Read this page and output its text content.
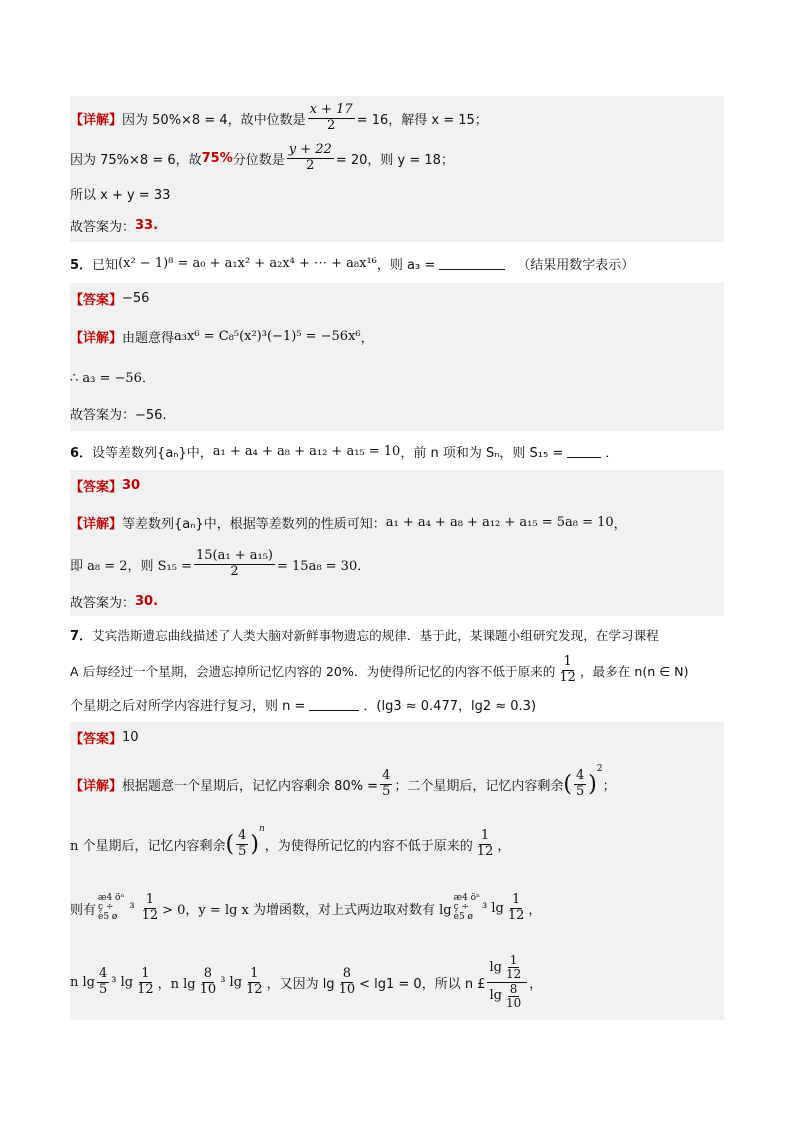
【详解】 因为 50%×8 = 4，故中位数是 $\frac{x + 17}{2} = 16$，解得 x = 15；
因为 75%×8 = 6，故 75% 分位数是 $\frac{y + 22}{2} = 20$，则 y = 18；
所以 x + y = 33
故答案为： 33.
5． 已知 (x² − 1)⁸ = a₀ + a₁x² + a₂x⁴ + ⋯ + a₈x¹⁶ ，则 a₃ =	（结果用数字表示）
【答案】 −56
【详解】 由题意得 a₃x⁶ = C₈⁵(x²)³(−1)⁵ = −56x⁶ ，
∴ a₃ = −56．
故答案为：−56.
6． 设等差数列{aₙ}中， a₁ + a₄ + a₈ + a₁₂ + a₁₅ = 10 ，前 n 项和为 Sₙ，则 S₁₅ =	．
【答案】 30
【详解】 等差数列{aₙ}中，根据等差数列的性质可知： a₁ + a₄ + a₈ + a₁₂ + a₁₅ = 5a₈ = 10 ，
即 a₈ = 2，则 $S_{15} = \frac{\text{15(a₁ + a₁₅)}}{2} = 15a_8 = 30$．
故答案为： 30.
7． 艾宾浩斯遗忘曲线描述了人类大脑对新鲜事物遗忘的规律．基于此，某课题小组研究发现，在学习课程
A 后每经过一个星期，会遗忘掉所记忆内容的 20%．为使得所记忆的内容不低于原来的 $\frac{1}{12}$ ，最多在 n(n ∈ N)
个星期之后对所学内容进行复习，则 n =	．(lg3 ≈ 0.477，lg2 ≈ 0.3)
【答案】 10
【详解】 根据题意一个星期后，记忆内容剩余 $80\% = \frac{4}{5}$ ；二个星期后，记忆内容剩余 ( $\frac{4}{5}$ )
$^2$
；
n 个星期后，记忆内容剩余 ( $\frac{4}{5}$ )
$^n$
，为使得所记忆的内容不低于原来的 $\frac{1}{12}$ ，
则有
æ4 öⁿ
ç ÷
è5 ø
$^3 \frac{1}{12} > 0$，y = lg x 为增函数，对上式两边取对数有 lg
æ4 öⁿ
ç ÷
è5 ø
³ $\lg \frac{1}{12}$ ，
n $\lg \frac{4}{5} ^3$ $\lg \frac{1}{12}$ ，n $\lg \frac{8}{10} ^3$ $\lg \frac{1}{12}$ ，又因为 $\lg \frac{8}{10} < \lg 1 = 0$，所以 n £ $\frac{\lg \frac{1}{12}}{\lg \frac{8}{10}}$ ，
